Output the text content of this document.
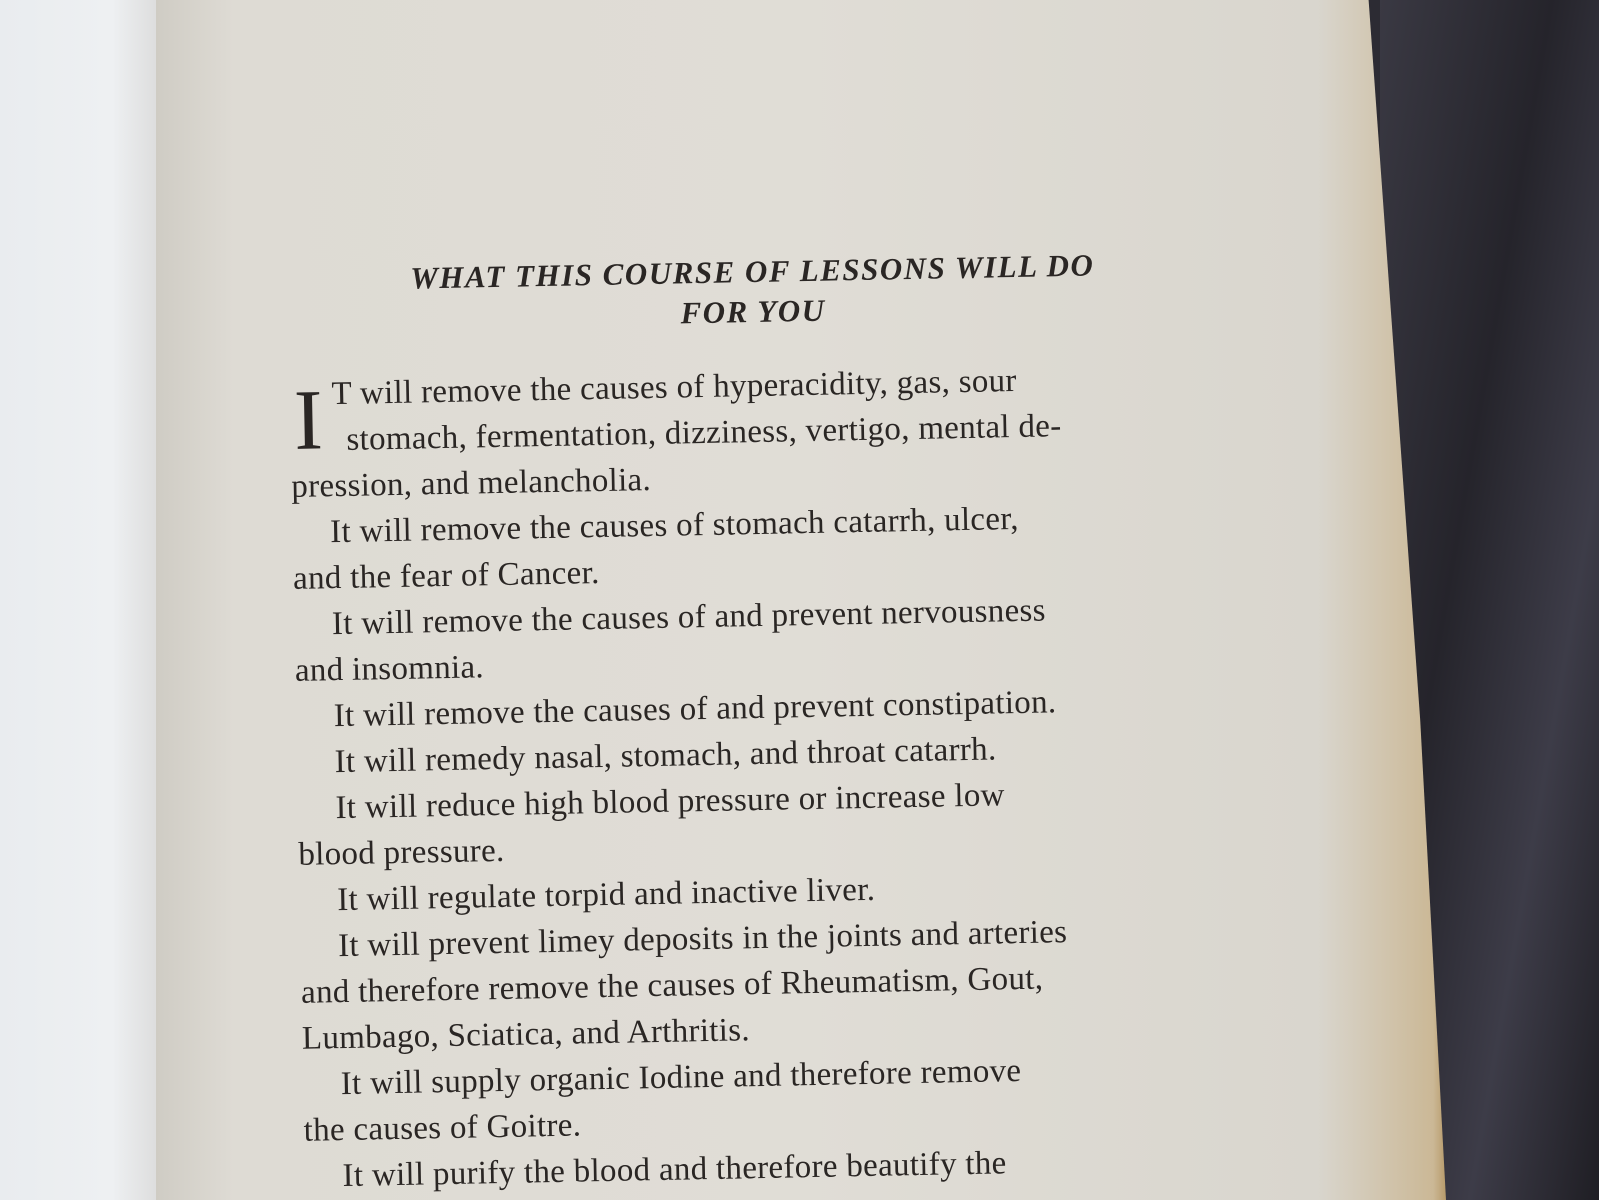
WHAT THIS COURSE OF LESSONS WILL DO
FOR YOU
I T will remove the causes of hyperacidity, gas, sour
stomach, fermentation, dizziness, vertigo, mental de-
pression, and melancholia.
It will remove the causes of stomach catarrh, ulcer,
and the fear of Cancer.
It will remove the causes of and prevent nervousness
and insomnia.
It will remove the causes of and prevent constipation.
It will remedy nasal, stomach, and throat catarrh.
It will reduce high blood pressure or increase low
blood pressure.
It will regulate torpid and inactive liver.
It will prevent limey deposits in the joints and arteries
and therefore remove the causes of Rheumatism, Gout,
Lumbago, Sciatica, and Arthritis.
It will supply organic Iodine and therefore remove
the causes of Goitre.
It will purify the blood and therefore beautify the
